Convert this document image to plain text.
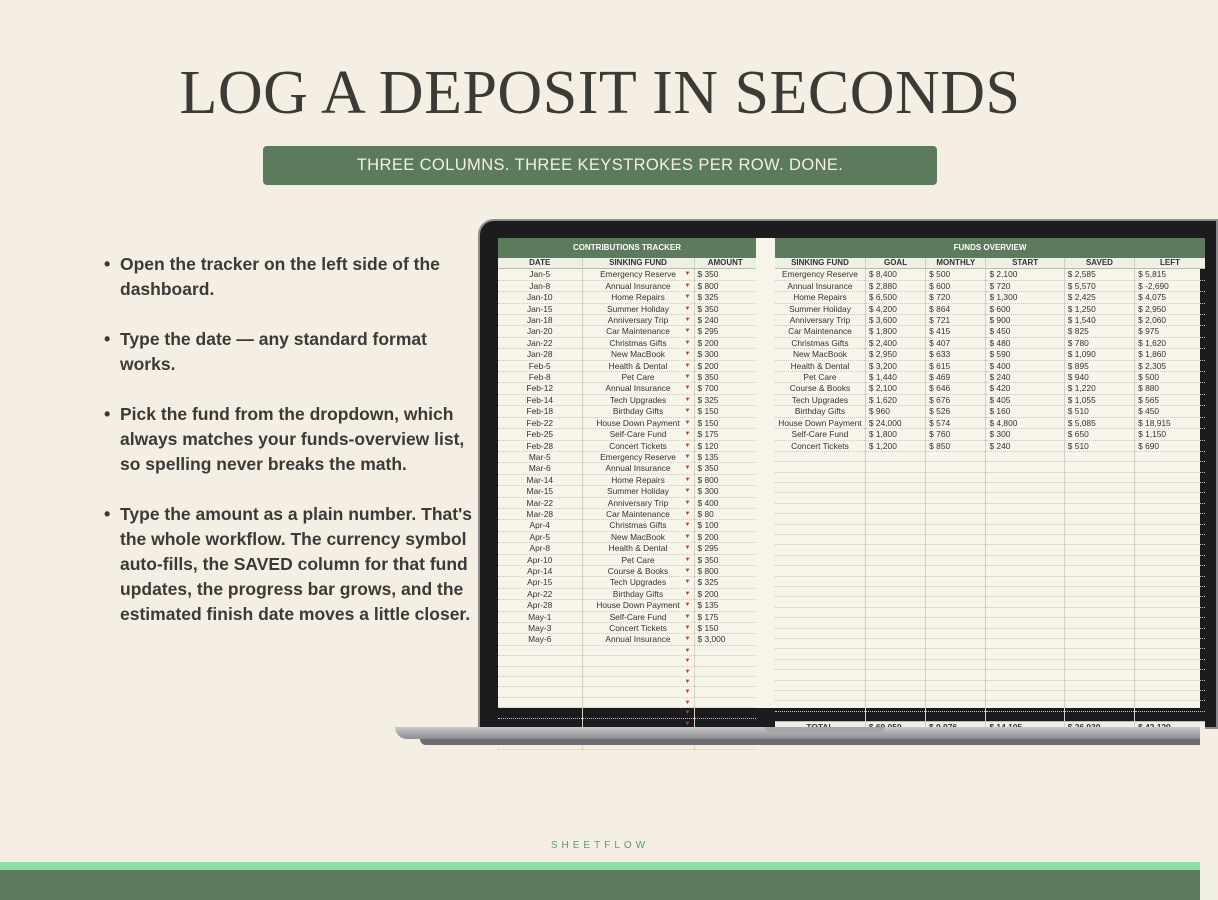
LOG A DEPOSIT IN SECONDS
THREE COLUMNS. THREE KEYSTROKES PER ROW. DONE.
• Open the tracker on the left side of the dashboard.
• Type the date — any standard format works.
• Pick the fund from the dropdown, which always matches your funds-overview list, so spelling never breaks the math.
• Type the amount as a plain number. That's the whole workflow. The currency symbol auto-fills, the SAVED column for that fund updates, the progress bar grows, and the estimated finish date moves a little closer.
CONTRIBUTIONS TRACKER		
DATE	SINKING FUND	AMOUNT
Jan-5	Emergency Reserve ▼	$ 350
Jan-8	Annual Insurance ▼	$ 800
Jan-10	Home Repairs ▼	$ 325
Jan-15	Summer Holiday ▼	$ 350
Jan-18	Anniversary Trip ▼	$ 240
Jan-20	Car Maintenance ▼	$ 295
Jan-22	Christmas Gifts ▼	$ 200
Jan-28	New MacBook ▼	$ 300
Feb-5	Health & Dental ▼	$ 200
Feb-8	Pet Care ▼	$ 350
Feb-12	Annual Insurance ▼	$ 700
Feb-14	Tech Upgrades ▼	$ 325
Feb-18	Birthday Gifts ▼	$ 150
Feb-22	House Down Payment ▼	$ 150
Feb-25	Self-Care Fund ▼	$ 175
Feb-28	Concert Tickets ▼	$ 120
Mar-5	Emergency Reserve ▼	$ 135
Mar-6	Annual Insurance ▼	$ 350
Mar-14	Home Repairs ▼	$ 800
Mar-15	Summer Holiday ▼	$ 300
Mar-22	Anniversary Trip ▼	$ 400
Mar-28	Car Maintenance ▼	$ 80
Apr-4	Christmas Gifts ▼	$ 100
Apr-5	New MacBook ▼	$ 200
Apr-8	Health & Dental ▼	$ 295
Apr-10	Pet Care ▼	$ 350
Apr-14	Course & Books ▼	$ 800
Apr-15	Tech Upgrades ▼	$ 325
Apr-22	Birthday Gifts ▼	$ 200
Apr-28	House Down Payment ▼	$ 135
May-1	Self-Care Fund ▼	$ 175
May-3	Concert Tickets ▼	$ 150
May-6	Annual Insurance ▼	$ 3,000

	▼	

	▼	

	▼	

	▼	

	▼	

	▼	

	▼	

	▼	

FUNDS OVERVIEW					
SINKING FUND	GOAL	MONTHLY	START	SAVED	LEFT
Emergency Reserve	$ 8,400	$ 500	$ 2,100	$ 2,585	$ 5,815
Annual Insurance	$ 2,880	$ 600	$ 720	$ 5,570	$ -2,690
Home Repairs	$ 6,500	$ 720	$ 1,300	$ 2,425	$ 4,075
Summer Holiday	$ 4,200	$ 864	$ 600	$ 1,250	$ 2,950
Anniversary Trip	$ 3,600	$ 721	$ 900	$ 1,540	$ 2,060
Car Maintenance	$ 1,800	$ 415	$ 450	$ 825	$ 975
Christmas Gifts	$ 2,400	$ 407	$ 480	$ 780	$ 1,620
New MacBook	$ 2,950	$ 633	$ 590	$ 1,090	$ 1,860
Health & Dental	$ 3,200	$ 615	$ 400	$ 895	$ 2,305
Pet Care	$ 1,440	$ 469	$ 240	$ 940	$ 500
Course & Books	$ 2,100	$ 646	$ 420	$ 1,220	$ 880
Tech Upgrades	$ 1,620	$ 676	$ 405	$ 1,055	$ 565
Birthday Gifts	$ 960	$ 526	$ 160	$ 510	$ 450
House Down Payment	$ 24,000	$ 574	$ 4,800	$ 5,085	$ 18,915
Self-Care Fund	$ 1,800	$ 760	$ 300	$ 650	$ 1,150
Concert Tickets	$ 1,200	$ 850	$ 240	$ 510	$ 690

SHEETFLOW
